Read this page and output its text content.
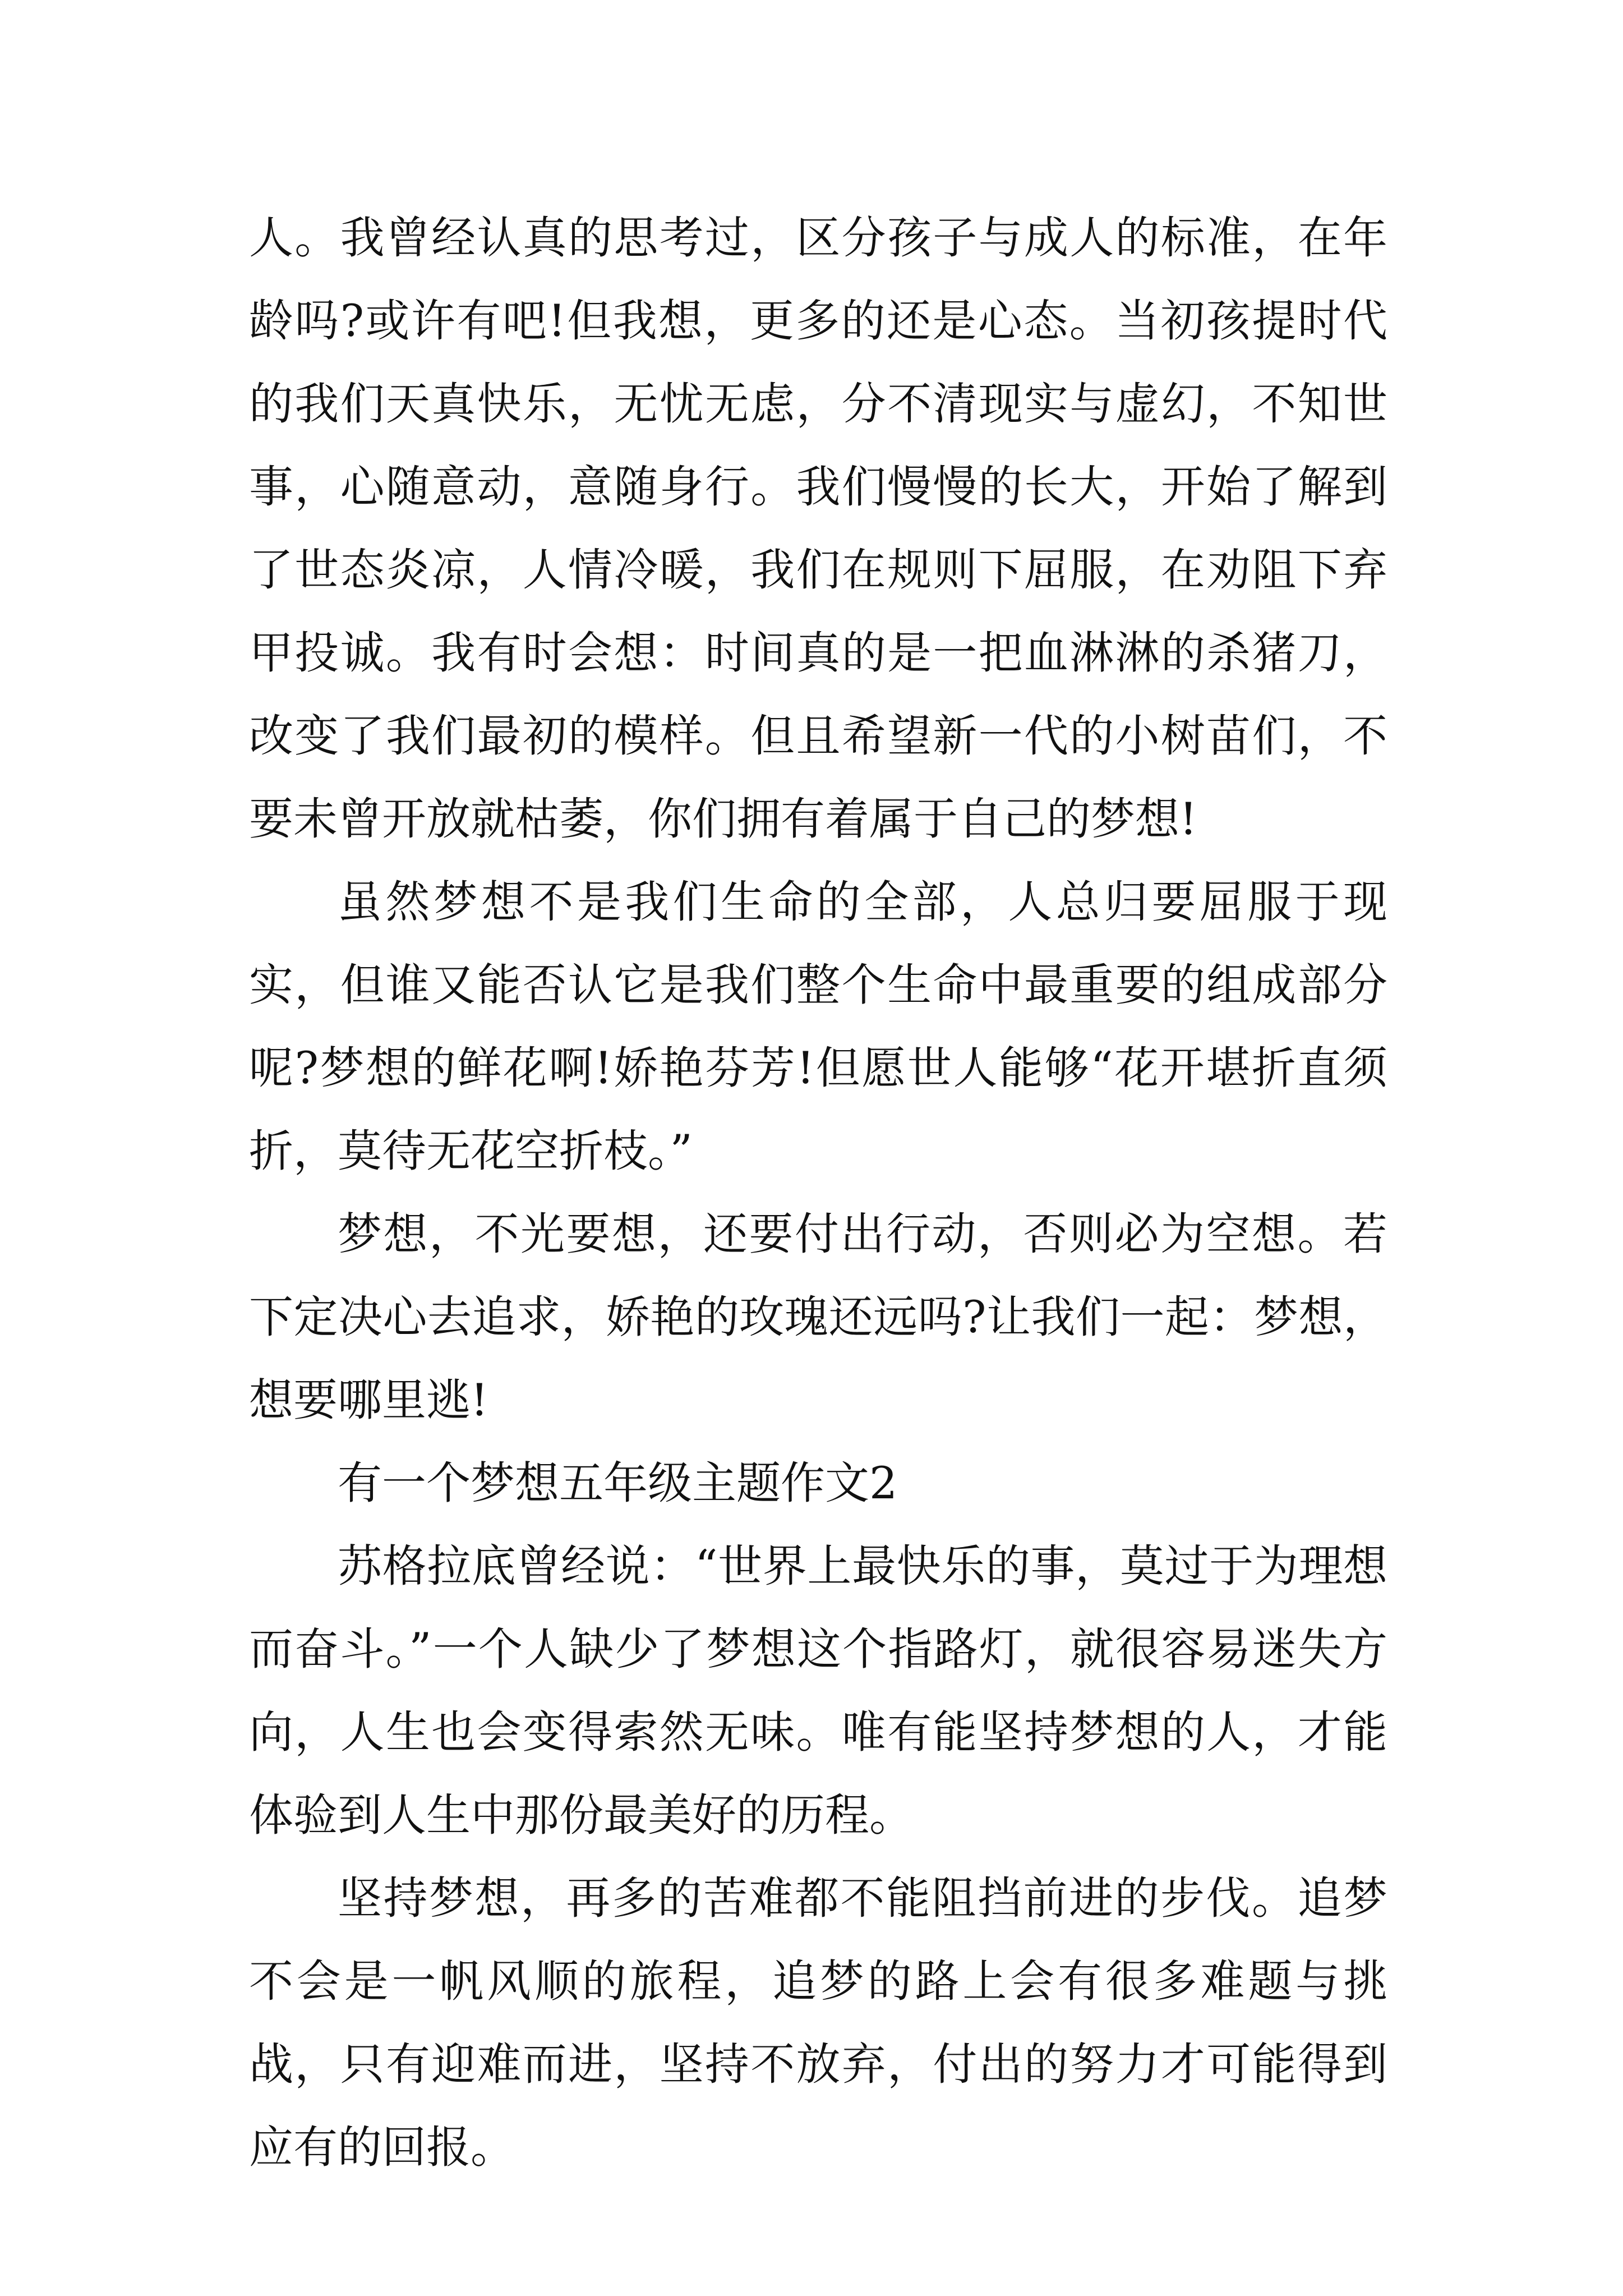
人。我曾经认真的思考过，区分孩子与成人的标准，在年龄吗?或许有吧!但我想，更多的还是心态。当初孩提时代的我们天真快乐，无忧无虑，分不清现实与虚幻，不知世事，心随意动，意随身行。我们慢慢的长大，开始了解到了世态炎凉，人情冷暖，我们在规则下屈服，在劝阻下弃甲投诚。我有时会想：时间真的是一把血淋淋的杀猪刀，改变了我们最初的模样。但且希望新一代的小树苗们，不要未曾开放就枯萎，你们拥有着属于自己的梦想!

虽然梦想不是我们生命的全部，人总归要屈服于现实，但谁又能否认它是我们整个生命中最重要的组成部分呢?梦想的鲜花啊!娇艳芬芳!但愿世人能够“花开堪折直须折，莫待无花空折枝。”

梦想，不光要想，还要付出行动，否则必为空想。若下定决心去追求，娇艳的玫瑰还远吗?让我们一起：梦想，想要哪里逃!

有一个梦想五年级主题作文2

苏格拉底曾经说：“世界上最快乐的事，莫过于为理想而奋斗。”一个人缺少了梦想这个指路灯，就很容易迷失方向，人生也会变得索然无味。唯有能坚持梦想的人，才能体验到人生中那份最美好的历程。

坚持梦想，再多的苦难都不能阻挡前进的步伐。追梦不会是一帆风顺的旅程，追梦的路上会有很多难题与挑战，只有迎难而进，坚持不放弃，付出的努力才可能得到应有的回报。
